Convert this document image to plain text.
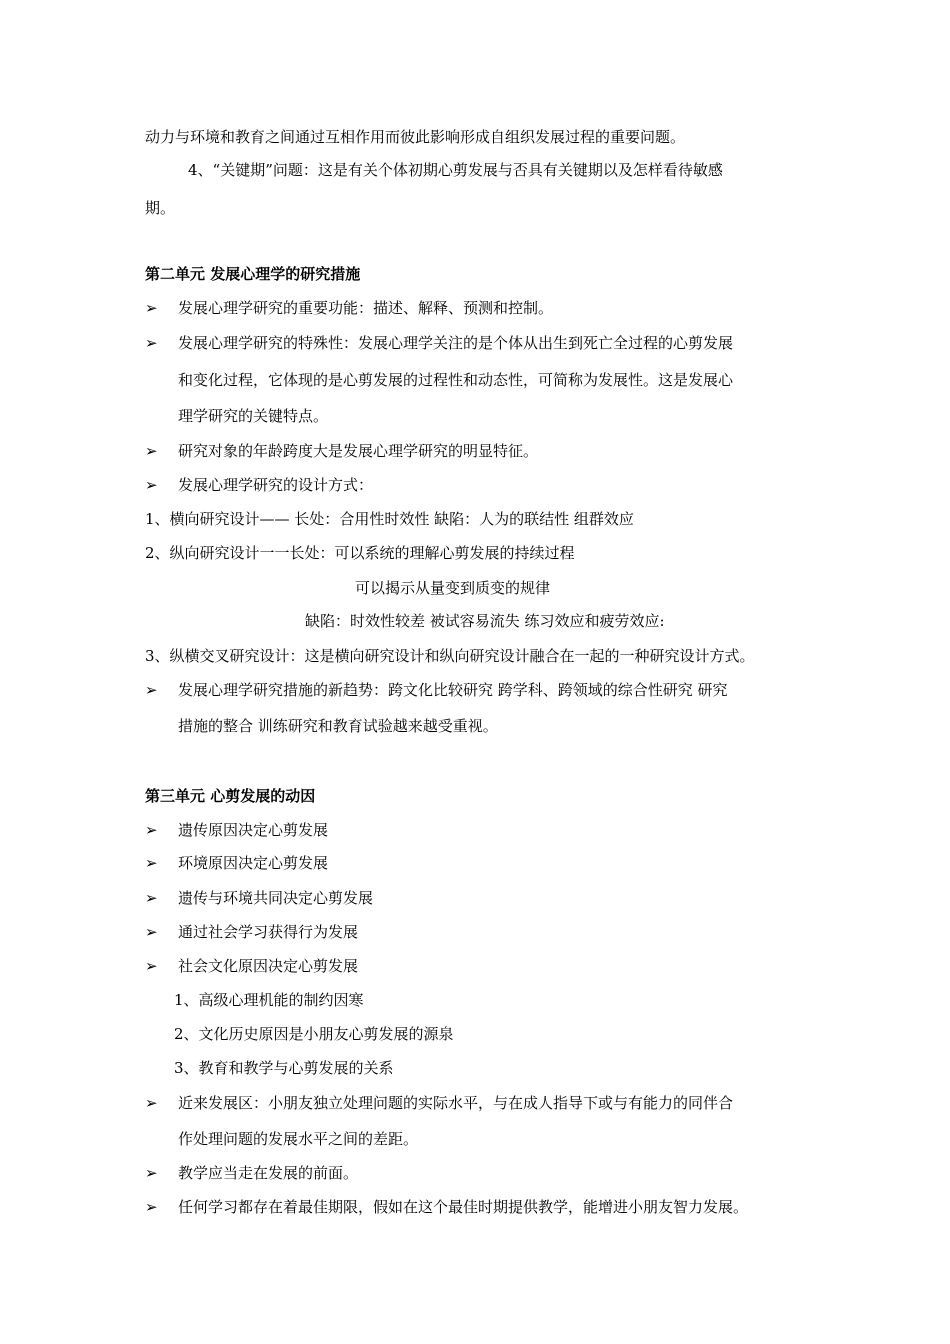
动力与环境和教育之间通过互相作用而彼此影响形成自组织发展过程的重要问题。
4、“关键期”问题：这是有关个体初期心剪发展与否具有关键期以及怎样看待敏感
期。
第二单元 发展心理学的研究措施
➢ 发展心理学研究的重要功能：描述、解释、预测和控制。
➢ 发展心理学研究的特殊性：发展心理学关注的是个体从出生到死亡全过程的心剪发展
和变化过程，它体现的是心剪发展的过程性和动态性，可简称为发展性。这是发展心
理学研究的关键特点。
➢ 研究对象的年龄跨度大是发展心理学研究的明显特征。
➢ 发展心理学研究的设计方式：
1、横向研究设计—— 长处：合用性时效性 缺陷：人为的联结性 组群效应
2、纵向研究设计一一长处：可以系统的理解心剪发展的持续过程
可以揭示从量变到质变的规律
缺陷：时效性较差 被试容易流失 练习效应和疲劳效应:
3、纵横交叉研究设计：这是横向研究设计和纵向研究设计融合在一起的一种研究设计方式。
➢ 发展心理学研究措施的新趋势：跨文化比较研究 跨学科、跨领域的综合性研究 研究
措施的整合 训练研究和教育试验越来越受重视。
第三单元 心剪发展的动因
➢ 遗传原因决定心剪发展
➢ 环境原因决定心剪发展
➢ 遗传与环境共同决定心剪发展
➢ 通过社会学习获得行为发展
➢ 社会文化原因决定心剪发展
1、高级心理机能的制约因寒
2、文化历史原因是小朋友心剪发展的源泉
3、教育和教学与心剪发展的关系
➢ 近来发展区：小朋友独立处理问题的实际水平，与在成人指导下或与有能力的同伴合
作处理问题的发展水平之间的差距。
➢ 教学应当走在发展的前面。
➢ 任何学习都存在着最佳期限，假如在这个最佳时期提供教学，能增进小朋友智力发展。
